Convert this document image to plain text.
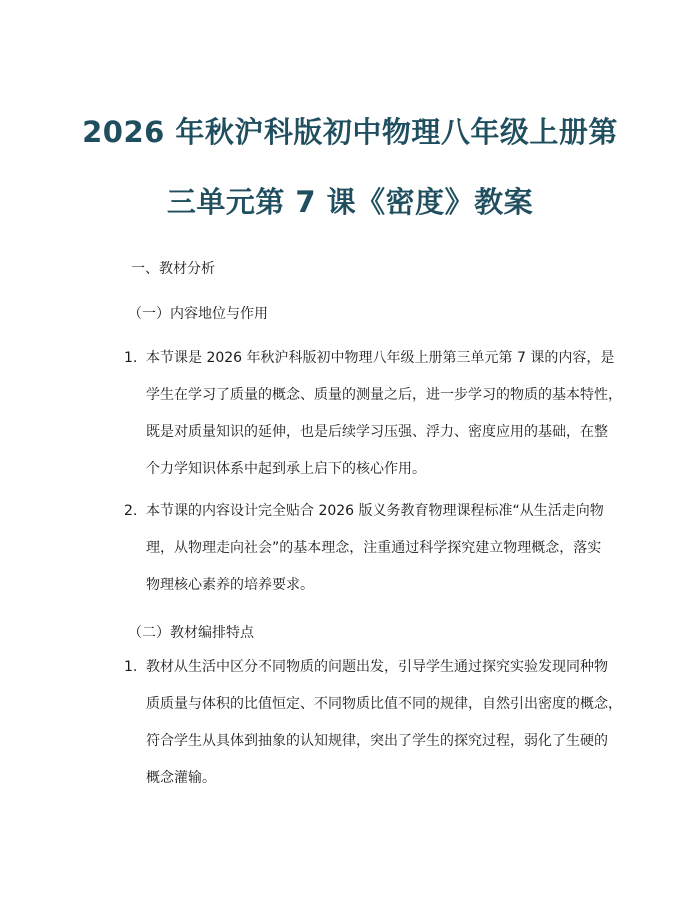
2026 年秋沪科版初中物理八年级上册第
三单元第 7 课《密度》教案
一、教材分析
（一）内容地位与作用
1. 本节课是 2026 年秋沪科版初中物理八年级上册第三单元第 7 课的内容，是
学生在学习了质量的概念、质量的测量之后，进一步学习的物质的基本特性，
既是对质量知识的延伸，也是后续学习压强、浮力、密度应用的基础，在整
个力学知识体系中起到承上启下的核心作用。
2. 本节课的内容设计完全贴合 2026 版义务教育物理课程标准“从生活走向物
理，从物理走向社会”的基本理念，注重通过科学探究建立物理概念，落实
物理核心素养的培养要求。
（二）教材编排特点
1. 教材从生活中区分不同物质的问题出发，引导学生通过探究实验发现同种物
质质量与体积的比值恒定、不同物质比值不同的规律，自然引出密度的概念，
符合学生从具体到抽象的认知规律，突出了学生的探究过程，弱化了生硬的
概念灌输。
